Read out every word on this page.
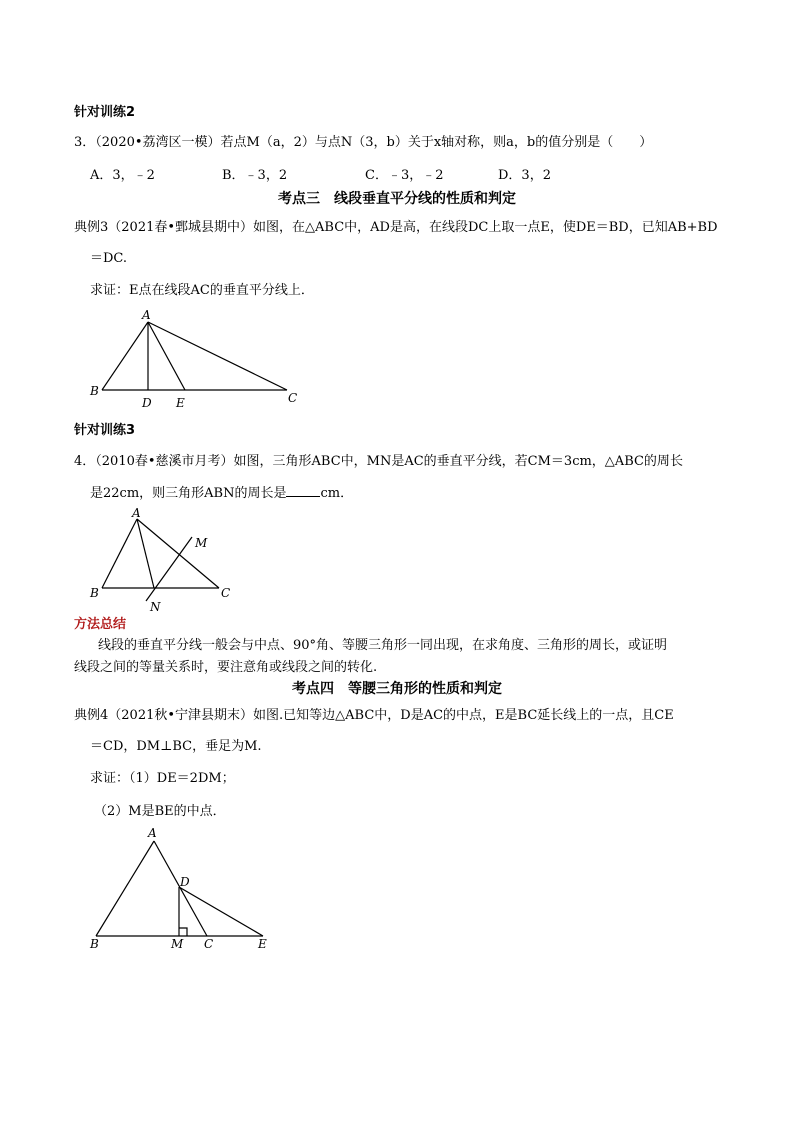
针对训练2
3．（2020•荔湾区一模）若点M（a，2）与点N（3，b）关于x轴对称，则a，b的值分别是（　　）
A．3，﹣2	B．﹣3，2	C．﹣3，﹣2	D．3，2
考点三　线段垂直平分线的性质和判定
典例3（2021春•鄄城县期中）如图，在△ABC中，AD是高，在线段DC上取一点E，使DE＝BD，已知AB+BD
＝DC.
求证：E点在线段AC的垂直平分线上．
A
B
D E	C
针对训练3
4．（2010春•慈溪市月考）如图，三角形ABC中，MN是AC的垂直平分线，若CM＝3cm，△ABC的周长
是22cm，则三角形ABN的周长是	cm．
A
M
B	C
N
方法总结
线段的垂直平分线一般会与中点、90°角、等腰三角形一同出现，在求角度、三角形的周长，或证明
线段之间的等量关系时，要注意角或线段之间的转化.
考点四　等腰三角形的性质和判定
典例4（2021秋•宁津县期末）如图.已知等边△ABC中，D是AC的中点，E是BC延长线上的一点，且CE
＝CD，DM⊥BC，垂足为M.
求证：（1）DE＝2DM；
（2）M是BE的中点．
A
D
B	M C	E
